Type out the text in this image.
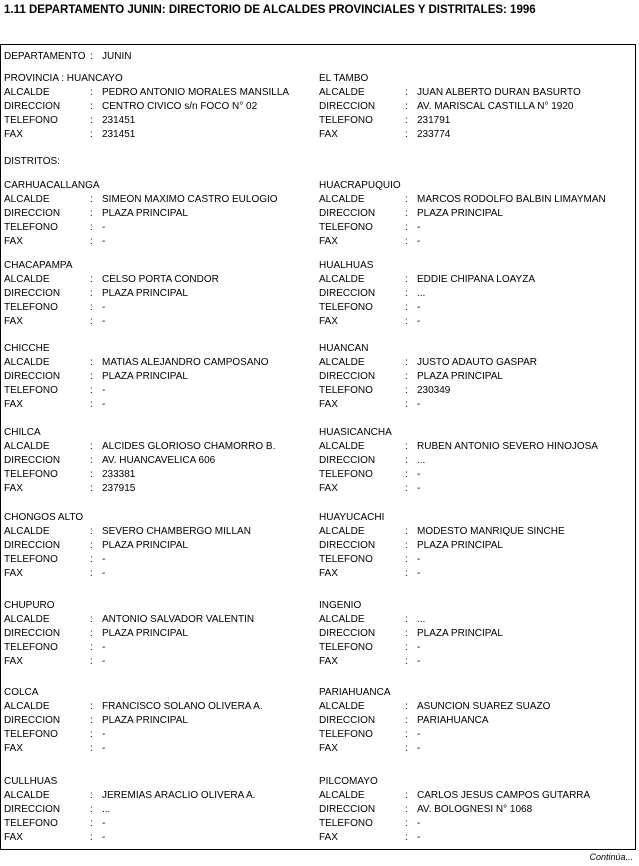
1.11 DEPARTAMENTO JUNIN: DIRECTORIO DE ALCALDES PROVINCIALES Y DISTRITALES: 1996
DEPARTAMENTO : JUNIN
PROVINCIA : HUANCAYO
ALCALDE	: PEDRO ANTONIO MORALES MANSILLA
DIRECCION	: CENTRO CIVICO s/n FOCO N° 02
TELEFONO	: 231451
FAX	: 231451
EL TAMBO
ALCALDE	: JUAN ALBERTO DURAN BASURTO
DIRECCION	: AV. MARISCAL CASTILLA N° 1920
TELEFONO	: 231791
FAX	: 233774
CARHUACALLANGA
ALCALDE	: SIMEON MAXIMO CASTRO EULOGIO
DIRECCION	: PLAZA PRINCIPAL
TELEFONO	: -
FAX	: -
HUACRAPUQUIO
ALCALDE	: MARCOS RODOLFO BALBIN LIMAYMAN
DIRECCION	: PLAZA PRINCIPAL
TELEFONO	: -
FAX	: -
CHACAPAMPA
ALCALDE	: CELSO PORTA CONDOR
DIRECCION	: PLAZA PRINCIPAL
TELEFONO	: -
FAX	: -
HUALHUAS
ALCALDE	: EDDIE CHIPANA LOAYZA
DIRECCION	: ...
TELEFONO	: -
FAX	: -
CHICCHE
ALCALDE	: MATIAS ALEJANDRO CAMPOSANO
DIRECCION	: PLAZA PRINCIPAL
TELEFONO	: -
FAX	: -
HUANCAN
ALCALDE	: JUSTO ADAUTO GASPAR
DIRECCION	: PLAZA PRINCIPAL
TELEFONO	: 230349
FAX	: -
CHILCA
ALCALDE	: ALCIDES GLORIOSO CHAMORRO B.
DIRECCION	: AV. HUANCAVELICA 606
TELEFONO	: 233381
FAX	: 237915
HUASICANCHA
ALCALDE	: RUBEN ANTONIO SEVERO HINOJOSA
DIRECCION	: ...
TELEFONO	: -
FAX	: -
CHONGOS ALTO
ALCALDE	: SEVERO CHAMBERGO MILLAN
DIRECCION	: PLAZA PRINCIPAL
TELEFONO	: -
FAX	: -
HUAYUCACHI
ALCALDE	: MODESTO MANRIQUE SINCHE
DIRECCION	: PLAZA PRINCIPAL
TELEFONO	: -
FAX	: -
CHUPURO
ALCALDE	: ANTONIO SALVADOR VALENTIN
DIRECCION	: PLAZA PRINCIPAL
TELEFONO	: -
FAX	: -
INGENIO
ALCALDE	: ...
DIRECCION	: PLAZA PRINCIPAL
TELEFONO	: -
FAX	: -
COLCA
ALCALDE	: FRANCISCO SOLANO OLIVERA A.
DIRECCION	: PLAZA PRINCIPAL
TELEFONO	: -
FAX	: -
PARIAHUANCA
ALCALDE	: ASUNCION SUAREZ SUAZO
DIRECCION	: PARIAHUANCA
TELEFONO	: -
FAX	: -
CULLHUAS
ALCALDE	: JEREMIAS ARACLIO OLIVERA A.
DIRECCION	: ...
TELEFONO	: -
FAX	: -
PILCOMAYO
ALCALDE	: CARLOS JESUS CAMPOS GUTARRA
DIRECCION	: AV. BOLOGNESI N° 1068
TELEFONO	: -
FAX	: -
DISTRITOS:
Continúa...
